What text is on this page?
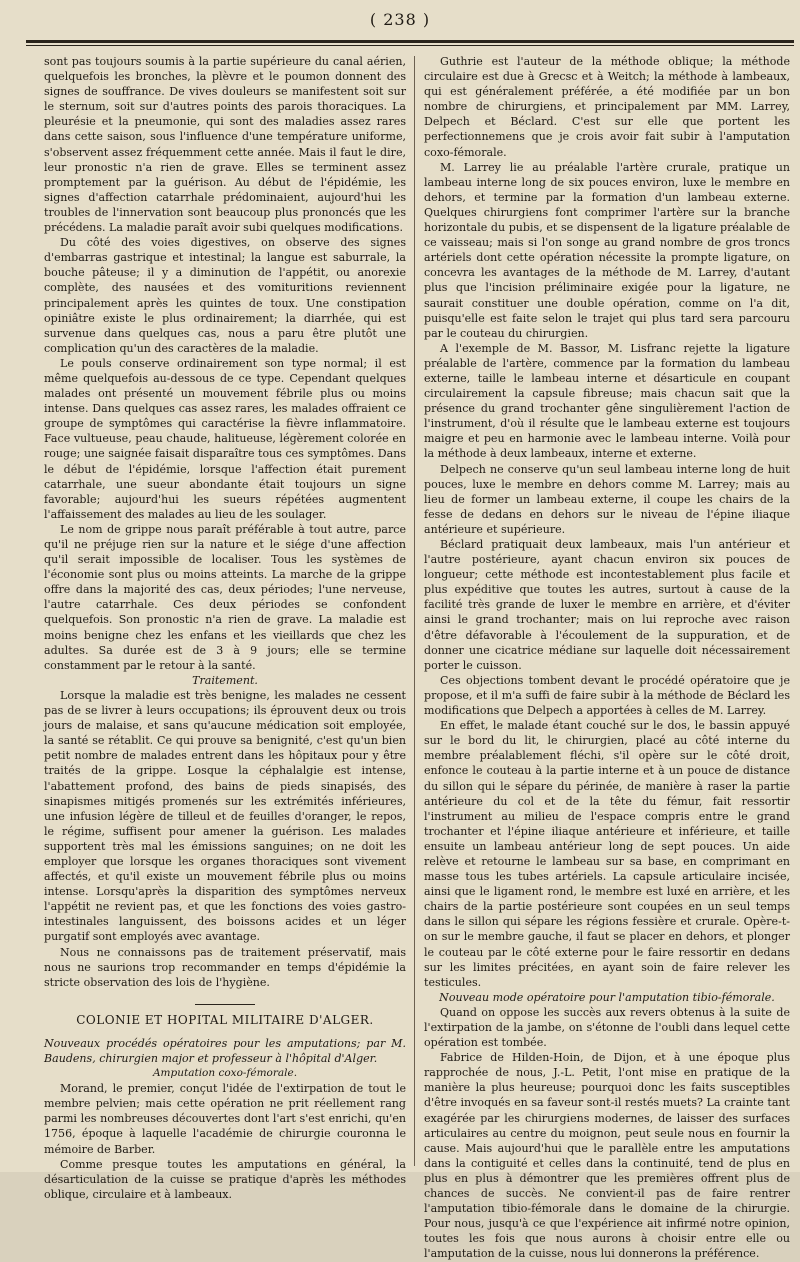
( 238 )

sont pas toujours soumis à la partie supérieure du canal aérien, quelquefois les bronches, la plèvre et le poumon donnent des signes de souffrance. De vives douleurs se manifestent soit sur le sternum, soit sur d'autres points des parois thoraciques. La pleurésie et la pneumonie, qui sont des maladies assez rares dans cette saison, sous l'influence d'une température uniforme, s'observent assez fréquemment cette année. Mais il faut le dire, leur pronostic n'a rien de grave. Elles se terminent assez promptement par la guérison. Au début de l'épidémie, les signes d'affection catarrhale prédominaient, aujourd'hui les troubles de l'innervation sont beaucoup plus prononcés que les précédens. La maladie paraît avoir subi quelques modifications.

Du côté des voies digestives, on observe des signes d'embarras gastrique et intestinal; la langue est saburrale, la bouche pâteuse; il y a diminution de l'appétit, ou anorexie complète, des nausées et des vomituritions reviennent principalement après les quintes de toux. Une constipation opiniâtre existe le plus ordinairement; la diarrhée, qui est survenue dans quelques cas, nous a paru être plutôt une complication qu'un des caractères de la maladie.

Le pouls conserve ordinairement son type normal; il est même quelquefois au-dessous de ce type. Cependant quelques malades ont présenté un mouvement fébrile plus ou moins intense. Dans quelques cas assez rares, les malades offraient ce groupe de symptômes qui caractérise la fièvre inflammatoire. Face vultueuse, peau chaude, halitueuse, légèrement colorée en rouge; une saignée faisait disparaître tous ces symptômes. Dans le début de l'épidémie, lorsque l'affection était purement catarrhale, une sueur abondante était toujours un signe favorable; aujourd'hui les sueurs répétées augmentent l'affaissement des malades au lieu de les soulager.

Le nom de grippe nous paraît préférable à tout autre, parce qu'il ne préjuge rien sur la nature et le siége d'une affection qu'il serait impossible de localiser. Tous les systèmes de l'économie sont plus ou moins atteints. La marche de la grippe offre dans la majorité des cas, deux périodes; l'une nerveuse, l'autre catarrhale. Ces deux périodes se confondent quelquefois. Son pronostic n'a rien de grave. La maladie est moins benigne chez les enfans et les vieillards que chez les adultes. Sa durée est de 3 à 9 jours; elle se termine constamment par le retour à la santé.

Traitement.

Lorsque la maladie est très benigne, les malades ne cessent pas de se livrer à leurs occupations; ils éprouvent deux ou trois jours de malaise, et sans qu'aucune médication soit employée, la santé se rétablit. Ce qui prouve sa benignité, c'est qu'un bien petit nombre de malades entrent dans les hôpitaux pour y être traités de la grippe. Losque la céphalalgie est intense, l'abattement profond, des bains de pieds sinapisés, des sinapismes mitigés promenés sur les extrémités inférieures, une infusion légère de tilleul et de feuilles d'oranger, le repos, le régime, suffisent pour amener la guérison. Les malades supportent très mal les émissions sanguines; on ne doit les employer que lorsque les organes thoraciques sont vivement affectés, et qu'il existe un mouvement fébrile plus ou moins intense. Lorsqu'après la disparition des symptômes nerveux l'appétit ne revient pas, et que les fonctions des voies gastro-intestinales languissent, des boissons acides et un léger purgatif sont employés avec avantage.

Nous ne connaissons pas de traitement préservatif, mais nous ne saurions trop recommander en temps d'épidémie la stricte observation des lois de l'hygiène.

COLONIE ET HOPITAL MILITAIRE D'ALGER.

Nouveaux procédés opératoires pour les amputations; par M. Baudens, chirurgien major et professeur à l'hôpital d'Alger.

Amputation coxo-fémorale.

Morand, le premier, conçut l'idée de l'extirpation de tout le membre pelvien; mais cette opération ne prit réellement rang parmi les nombreuses découvertes dont l'art s'est enrichi, qu'en 1756, époque à laquelle l'académie de chirurgie couronna le mémoire de Barber.

Comme presque toutes les amputations en général, la désarticulation de la cuisse se pratique d'après les méthodes oblique, circulaire et à lambeaux.

Guthrie est l'auteur de la méthode oblique; la méthode circulaire est due à Grecsc et à Weitch; la méthode à lambeaux, qui est généralement préférée, a été modifiée par un bon nombre de chirurgiens, et principalement par MM. Larrey, Delpech et Béclard. C'est sur elle que portent les perfectionnemens que je crois avoir fait subir à l'amputation coxo-fémorale.

M. Larrey lie au préalable l'artère crurale, pratique un lambeau interne long de six pouces environ, luxe le membre en dehors, et termine par la formation d'un lambeau externe. Quelques chirurgiens font comprimer l'artère sur la branche horizontale du pubis, et se dispensent de la ligature préalable de ce vaisseau; mais si l'on songe au grand nombre de gros troncs artériels dont cette opération nécessite la prompte ligature, on concevra les avantages de la méthode de M. Larrey, d'autant plus que l'incision préliminaire exigée pour la ligature, ne saurait constituer une double opération, comme on l'a dit, puisqu'elle est faite selon le trajet qui plus tard sera parcouru par le couteau du chirurgien.

A l'exemple de M. Bassor, M. Lisfranc rejette la ligature préalable de l'artère, commence par la formation du lambeau externe, taille le lambeau interne et désarticule en coupant circulairement la capsule fibreuse; mais chacun sait que la présence du grand trochanter gêne singulièrement l'action de l'instrument, d'où il résulte que le lambeau externe est toujours maigre et peu en harmonie avec le lambeau interne. Voilà pour la méthode à deux lambeaux, interne et externe.

Delpech ne conserve qu'un seul lambeau interne long de huit pouces, luxe le membre en dehors comme M. Larrey; mais au lieu de former un lambeau externe, il coupe les chairs de la fesse de dedans en dehors sur le niveau de l'épine iliaque antérieure et supérieure.

Béclard pratiquait deux lambeaux, mais l'un antérieur et l'autre postérieure, ayant chacun environ six pouces de longueur; cette méthode est incontestablement plus facile et plus expéditive que toutes les autres, surtout à cause de la facilité très grande de luxer le membre en arrière, et d'éviter ainsi le grand trochanter; mais on lui reproche avec raison d'être défavorable à l'écoulement de la suppuration, et de donner une cicatrice médiane sur laquelle doit nécessairement porter le cuisson.

Ces objections tombent devant le procédé opératoire que je propose, et il m'a suffi de faire subir à la méthode de Béclard les modifications que Delpech a apportées à celles de M. Larrey.

En effet, le malade étant couché sur le dos, le bassin appuyé sur le bord du lit, le chirurgien, placé au côté interne du membre préalablement fléchi, s'il opère sur le côté droit, enfonce le couteau à la partie interne et à un pouce de distance du sillon qui le sépare du périnée, de manière à raser la partie antérieure du col et de la tête du fémur, fait ressortir l'instrument au milieu de l'espace compris entre le grand trochanter et l'épine iliaque antérieure et inférieure, et taille ensuite un lambeau antérieur long de sept pouces. Un aide relève et retourne le lambeau sur sa base, en comprimant en masse tous les tubes artériels. La capsule articulaire incisée, ainsi que le ligament rond, le membre est luxé en arrière, et les chairs de la partie postérieure sont coupées en un seul temps dans le sillon qui sépare les régions fessière et crurale. Opère-t-on sur le membre gauche, il faut se placer en dehors, et plonger le couteau par le côté externe pour le faire ressortir en dedans sur les limites précitées, en ayant soin de faire relever les testicules.

Nouveau mode opératoire pour l'amputation tibio-fémorale.

Quand on oppose les succès aux revers obtenus à la suite de l'extirpation de la jambe, on s'étonne de l'oubli dans lequel cette opération est tombée.

Fabrice de Hilden-Hoin, de Dijon, et à une époque plus rapprochée de nous, J.-L. Petit, l'ont mise en pratique de la manière la plus heureuse; pourquoi donc les faits susceptibles d'être invoqués en sa faveur sont-il restés muets? La crainte tant exagérée par les chirurgiens modernes, de laisser des surfaces articulaires au centre du moignon, peut seule nous en fournir la cause. Mais aujourd'hui que le parallèle entre les amputations dans la contiguité et celles dans la continuité, tend de plus en plus en plus à démontrer que les premières offrent plus de chances de succès. Ne convient-il pas de faire rentrer l'amputation tibio-fémorale dans le domaine de la chirurgie. Pour nous, jusqu'à ce que l'expérience ait infirmé notre opinion, toutes les fois que nous aurons à choisir entre elle ou l'amputation de la cuisse, nous lui donnerons la préférence.
